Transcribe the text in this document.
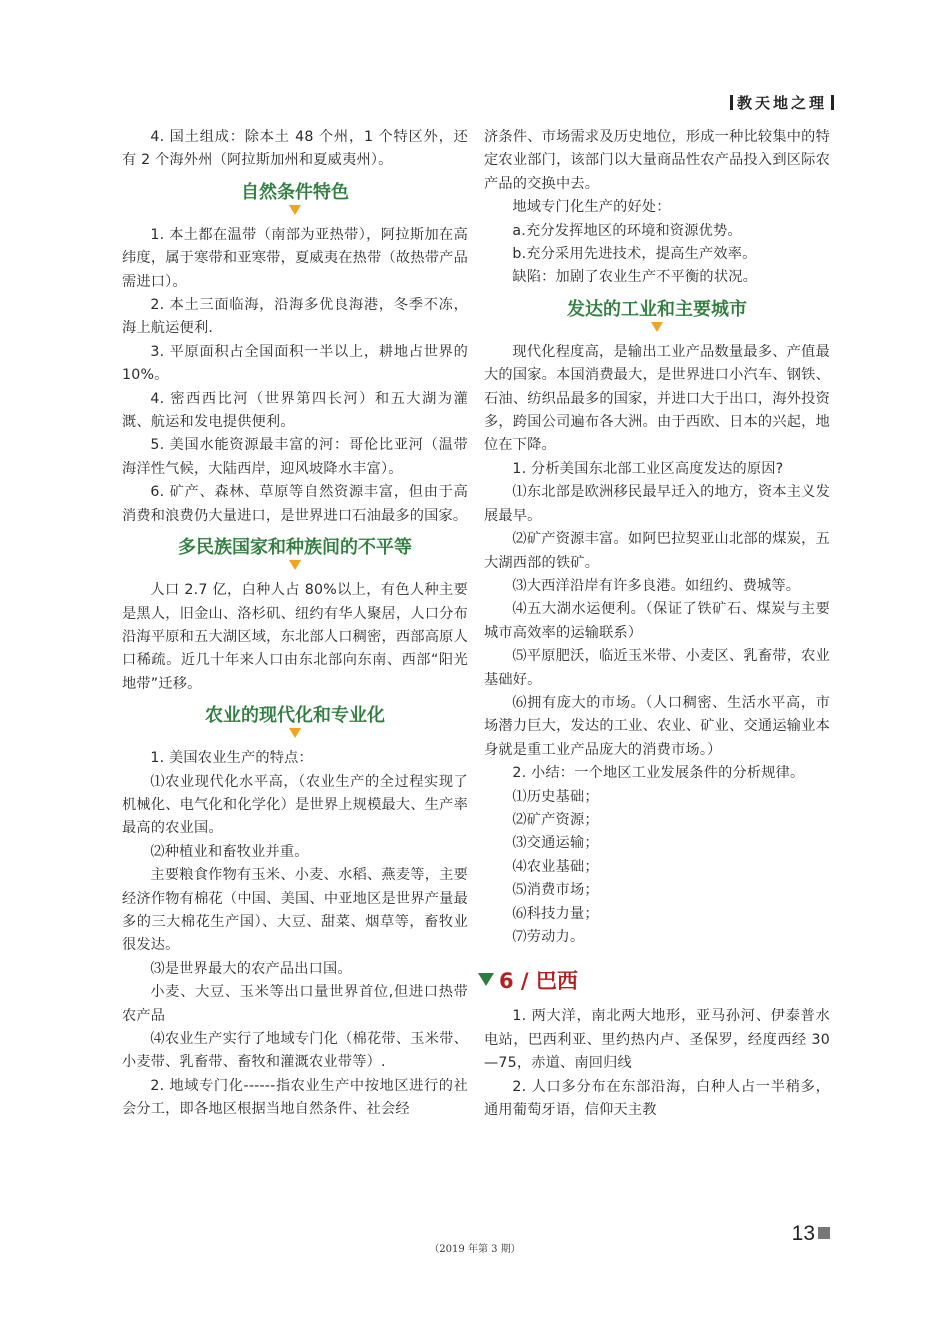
教天地之理

4. 国土组成：除本土 48 个州，1 个特区外，还有 2 个海外州（阿拉斯加州和夏威夷州）。

自然条件特色

1. 本土都在温带（南部为亚热带），阿拉斯加在高纬度，属于寒带和亚寒带，夏威夷在热带（故热带产品需进口）。

2. 本土三面临海，沿海多优良海港，冬季不冻，海上航运便利.

3. 平原面积占全国面积一半以上，耕地占世界的 10%。

4. 密西西比河（世界第四长河）和五大湖为灌溉、航运和发电提供便利。

5. 美国水能资源最丰富的河：哥伦比亚河（温带海洋性气候，大陆西岸，迎风坡降水丰富）。

6. 矿产、森林、草原等自然资源丰富，但由于高消费和浪费仍大量进口，是世界进口石油最多的国家。

多民族国家和种族间的不平等

人口 2.7 亿，白种人占 80%以上，有色人种主要是黑人，旧金山、洛杉矶、纽约有华人聚居，人口分布沿海平原和五大湖区域，东北部人口稠密，西部高原人口稀疏。近几十年来人口由东北部向东南、西部“阳光地带”迁移。

农业的现代化和专业化

1. 美国农业生产的特点：

⑴农业现代化水平高，（农业生产的全过程实现了机械化、电气化和化学化）是世界上规模最大、生产率最高的农业国。

⑵种植业和畜牧业并重。

主要粮食作物有玉米、小麦、水稻、燕麦等，主要经济作物有棉花（中国、美国、中亚地区是世界产量最多的三大棉花生产国）、大豆、甜菜、烟草等，畜牧业很发达。

⑶是世界最大的农产品出口国。

小麦、大豆、玉米等出口量世界首位,但进口热带农产品

⑷农业生产实行了地域专门化（棉花带、玉米带、小麦带、乳畜带、畜牧和灌溉农业带等）.

2. 地域专门化------指农业生产中按地区进行的社会分工，即各地区根据当地自然条件、社会经

济条件、市场需求及历史地位，形成一种比较集中的特定农业部门，该部门以大量商品性农产品投入到区际农产品的交换中去。

地域专门化生产的好处：

a.充分发挥地区的环境和资源优势。

b.充分采用先进技术，提高生产效率。

缺陷：加剧了农业生产不平衡的状况。

发达的工业和主要城市

现代化程度高，是输出工业产品数量最多、产值最大的国家。本国消费最大，是世界进口小汽车、钢铁、石油、纺织品最多的国家，并进口大于出口，海外投资多，跨国公司遍布各大洲。由于西欧、日本的兴起，地位在下降。

1. 分析美国东北部工业区高度发达的原因?

⑴东北部是欧洲移民最早迁入的地方，资本主义发展最早。

⑵矿产资源丰富。如阿巴拉契亚山北部的煤炭，五大湖西部的铁矿。

⑶大西洋沿岸有许多良港。如纽约、费城等。

⑷五大湖水运便利。（保证了铁矿石、煤炭与主要城市高效率的运输联系）

⑸平原肥沃，临近玉米带、小麦区、乳畜带，农业基础好。

⑹拥有庞大的市场。（人口稠密、生活水平高，市场潜力巨大，发达的工业、农业、矿业、交通运输业本身就是重工业产品庞大的消费市场。）

2. 小结：一个地区工业发展条件的分析规律。

⑴历史基础；

⑵矿产资源；

⑶交通运输；

⑷农业基础；

⑸消费市场；

⑹科技力量；

⑺劳动力。

6 / 巴西

1. 两大洋，南北两大地形，亚马孙河、伊泰普水电站，巴西利亚、里约热内卢、圣保罗，经度西经 30—75，赤道、南回归线

2. 人口多分布在东部沿海，白种人占一半稍多，通用葡萄牙语，信仰天主教

13
（2019 年第 3 期）
